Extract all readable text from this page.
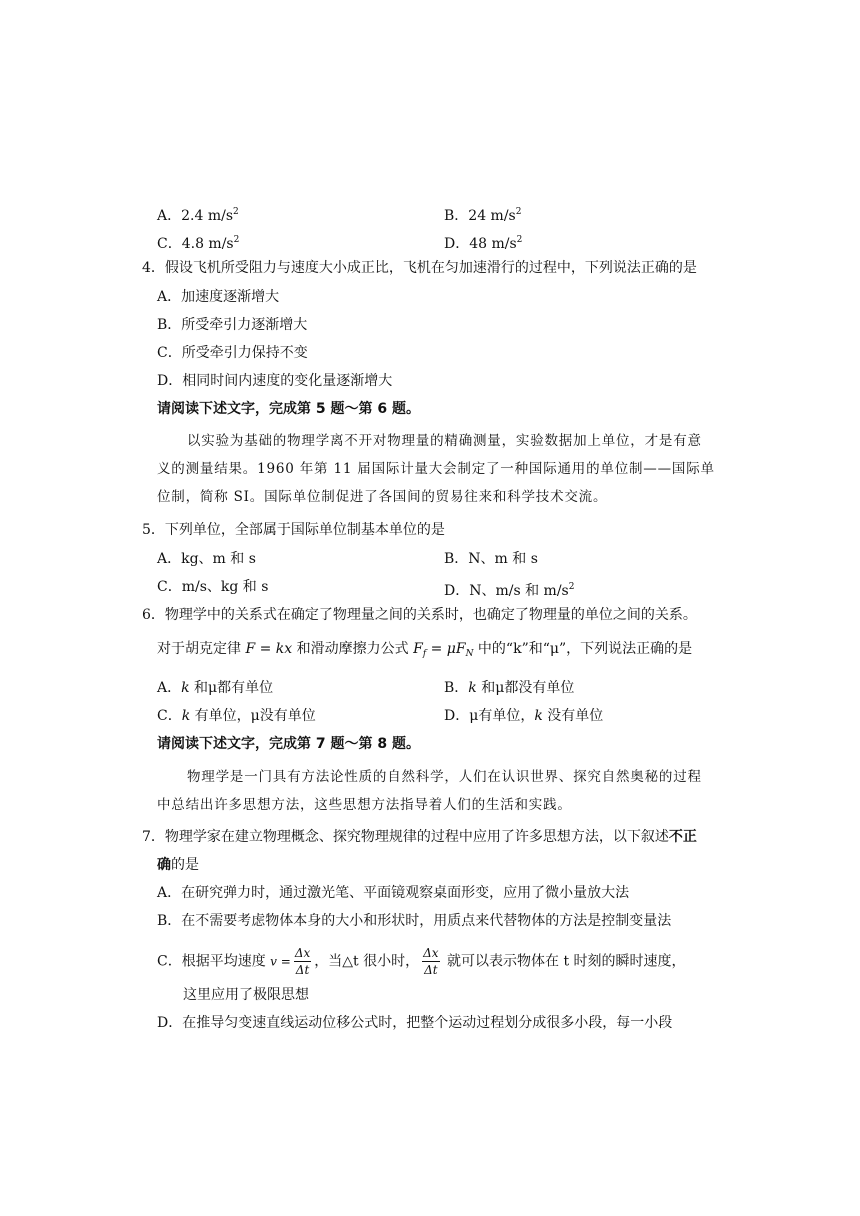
A．2.4 $m/s^2$	B．24 $m/s^2$
C．4.8 $m/s^2$	D．48 $m/s^2$
4．假设飞机所受阻力与速度大小成正比，飞机在匀加速滑行的过程中，下列说法正确的是
A．加速度逐渐增大
B．所受牵引力逐渐增大
C．所受牵引力保持不变
D．相同时间内速度的变化量逐渐增大
请阅读下述文字，完成第 5 题～第 6 题。
以实验为基础的物理学离不开对物理量的精确测量，实验数据加上单位，才是有意
义的测量结果。1960 年第 11 届国际计量大会制定了一种国际通用的单位制——国际单
位制，简称 SI。国际单位制促进了各国间的贸易往来和科学技术交流。
5．下列单位，全部属于国际单位制基本单位的是
A．kg、m 和 s	B．N、m 和 s
C．m/s、kg 和 s	D．N、m/s 和 $m/s^2$
6．物理学中的关系式在确定了物理量之间的关系时，也确定了物理量的单位之间的关系。
对于胡克定律 F = kx 和滑动摩擦力公式 $F_f = \mu F_N$ 中的“k”和“μ”，下列说法正确的是
A．k 和μ都有单位	B．k 和μ都没有单位
C．k 有单位，μ没有单位	D．μ有单位，k 没有单位
请阅读下述文字，完成第 7 题～第 8 题。
物理学是一门具有方法论性质的自然科学，人们在认识世界、探究自然奥秘的过程
中总结出许多思想方法，这些思想方法指导着人们的生活和实践。
7．物理学家在建立物理概念、探究物理规律的过程中应用了许多思想方法，以下叙述不正
确的是
A．在研究弹力时，通过激光笔、平面镜观察桌面形变，应用了微小量放大法
B．在不需要考虑物体本身的大小和形状时，用质点来代替物体的方法是控制变量法
C．根据平均速度 $v = \frac{\Delta x}{\Delta t}$ ，当△t 很小时， $\frac{\Delta x}{\Delta t}$ 就可以表示物体在 t 时刻的瞬时速度，
这里应用了极限思想
D．在推导匀变速直线运动位移公式时，把整个运动过程划分成很多小段，每一小段
